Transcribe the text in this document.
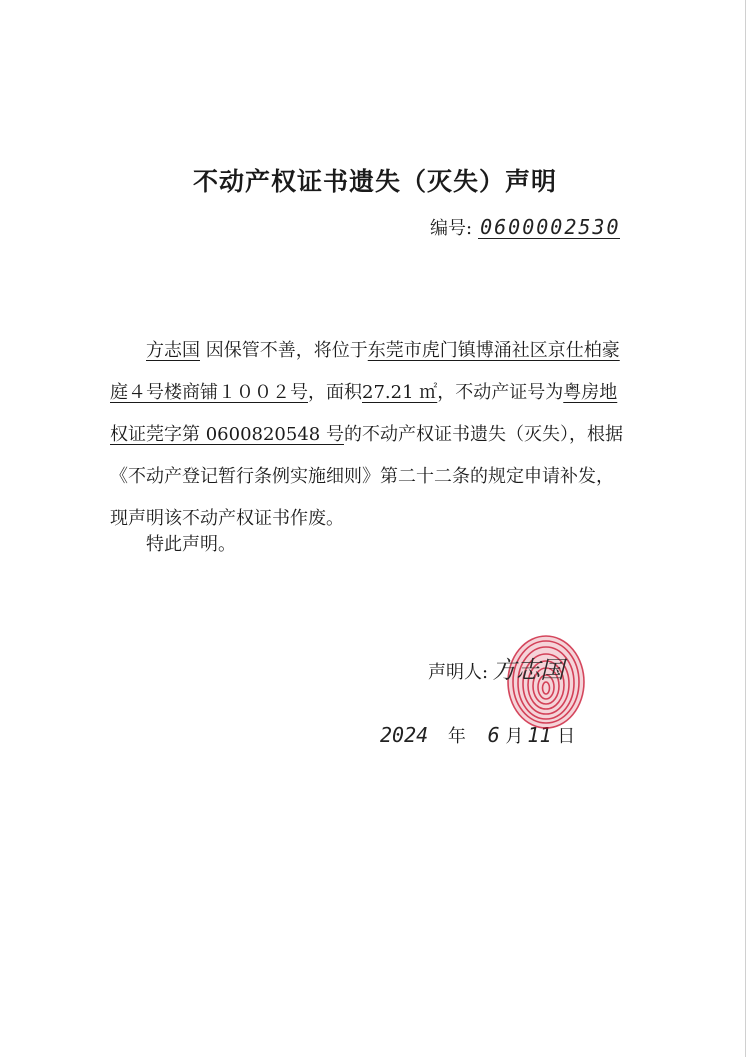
不动产权证书遗失（灭失）声明
编号: 0600002530

方志国 因保管不善，将位于东莞市虎门镇博涌社区京仕柏豪庭４号楼商铺１００２号，面积27.21 ㎡，不动产证号为粤房地权证莞字第 0600820548 号的不动产权证书遗失（灭失），根据《不动产登记暂行条例实施细则》第二十二条的规定申请补发，现声明该不动产权证书作废。

特此声明。

声明人: 方志国
2024 年 6 月 11 日
